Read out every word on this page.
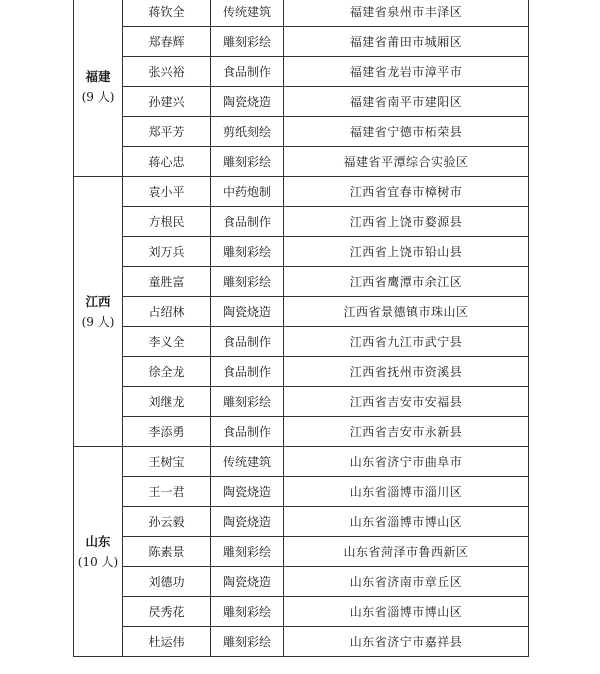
福建
(9 人)	蒋钦全	传统建筑	福建省泉州市丰泽区
	郑春辉	雕刻彩绘	福建省莆田市城厢区
	张兴裕	食品制作	福建省龙岩市漳平市
	孙建兴	陶瓷烧造	福建省南平市建阳区
	郑平芳	剪纸刻绘	福建省宁德市柘荣县
	蒋心忠	雕刻彩绘	福建省平潭综合实验区

江西
(9 人)	袁小平	中药炮制	江西省宜春市樟树市
	方根民	食品制作	江西省上饶市婺源县
	刘万兵	雕刻彩绘	江西省上饶市铅山县
	童胜富	雕刻彩绘	江西省鹰潭市余江区
	占绍林	陶瓷烧造	江西省景德镇市珠山区
	李义全	食品制作	江西省九江市武宁县
	徐全龙	食品制作	江西省抚州市资溪县
	刘继龙	雕刻彩绘	江西省吉安市安福县
	李添勇	食品制作	江西省吉安市永新县

山东
(10 人)	王树宝	传统建筑	山东省济宁市曲阜市
	王一君	陶瓷烧造	山东省淄博市淄川区
	孙云毅	陶瓷烧造	山东省淄博市博山区
	陈素景	雕刻彩绘	山东省菏泽市鲁西新区
	刘德功	陶瓷烧造	山东省济南市章丘区
	昃秀花	雕刻彩绘	山东省淄博市博山区
	杜运伟	雕刻彩绘	山东省济宁市嘉祥县
